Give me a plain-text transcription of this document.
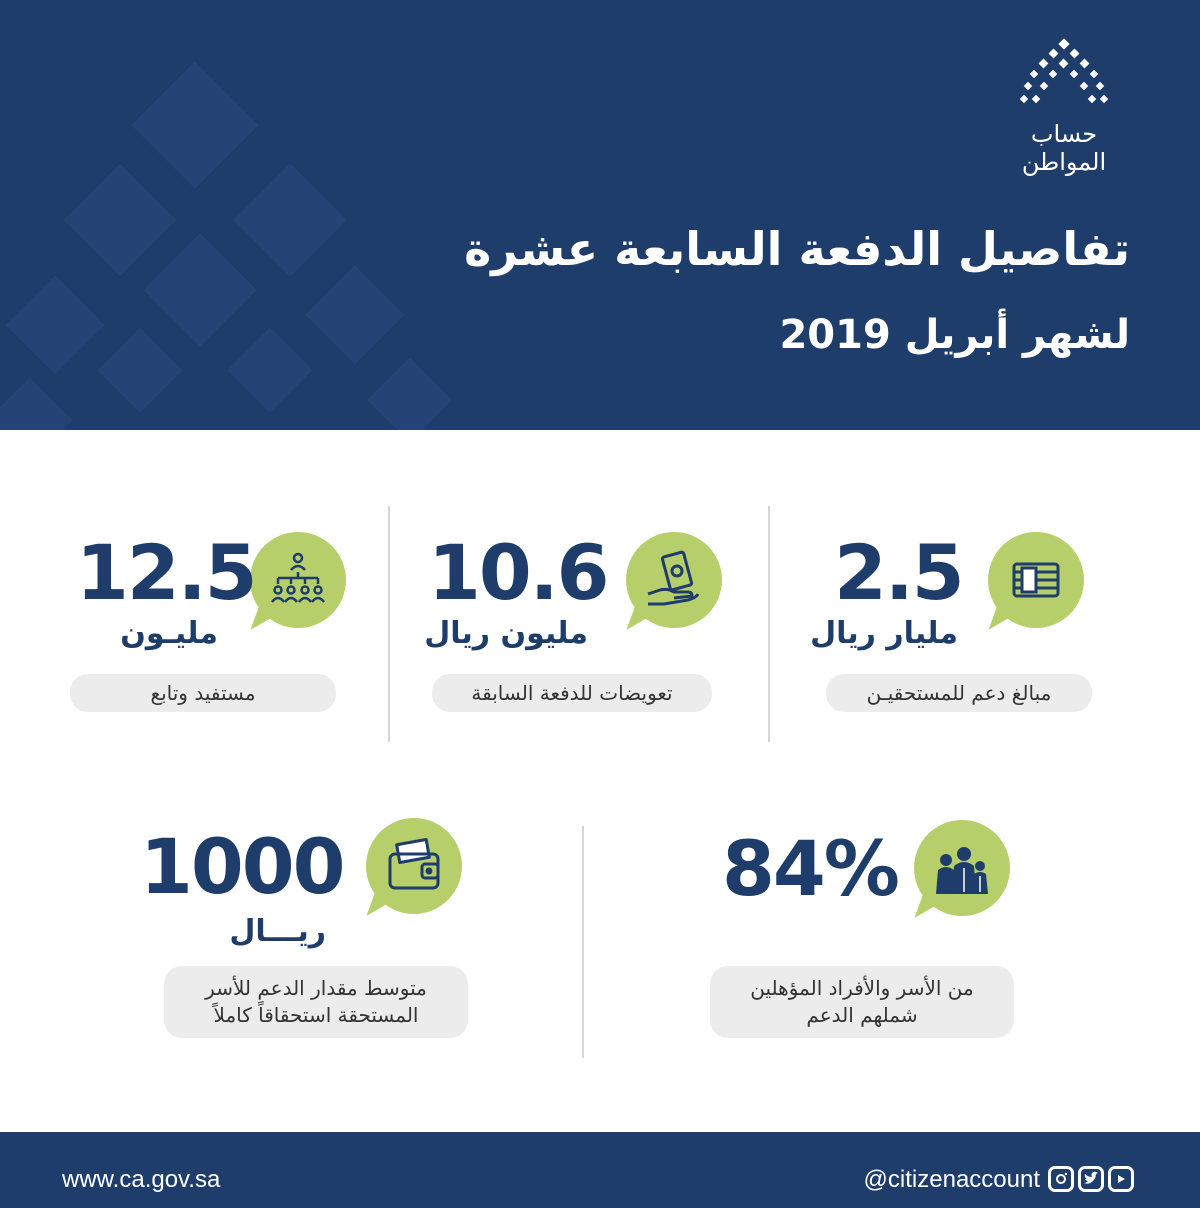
حساب المواطن
تفاصيل الدفعة السابعة عشرة
لشهر أبريل 2019
2.5
مليار ريال
مبالغ دعم للمستحقيـن
10.6
مليون ريال
تعويضات للدفعة السابقة
12.5
مليـون
مستفيد وتابع
84%
من الأسر والأفراد المؤهلين
شملهم الدعم
1000
ريـــال
متوسط مقدار الدعم للأسر
المستحقة استحقاقاً كاملاً
www.ca.gov.sa	@citizenaccount
